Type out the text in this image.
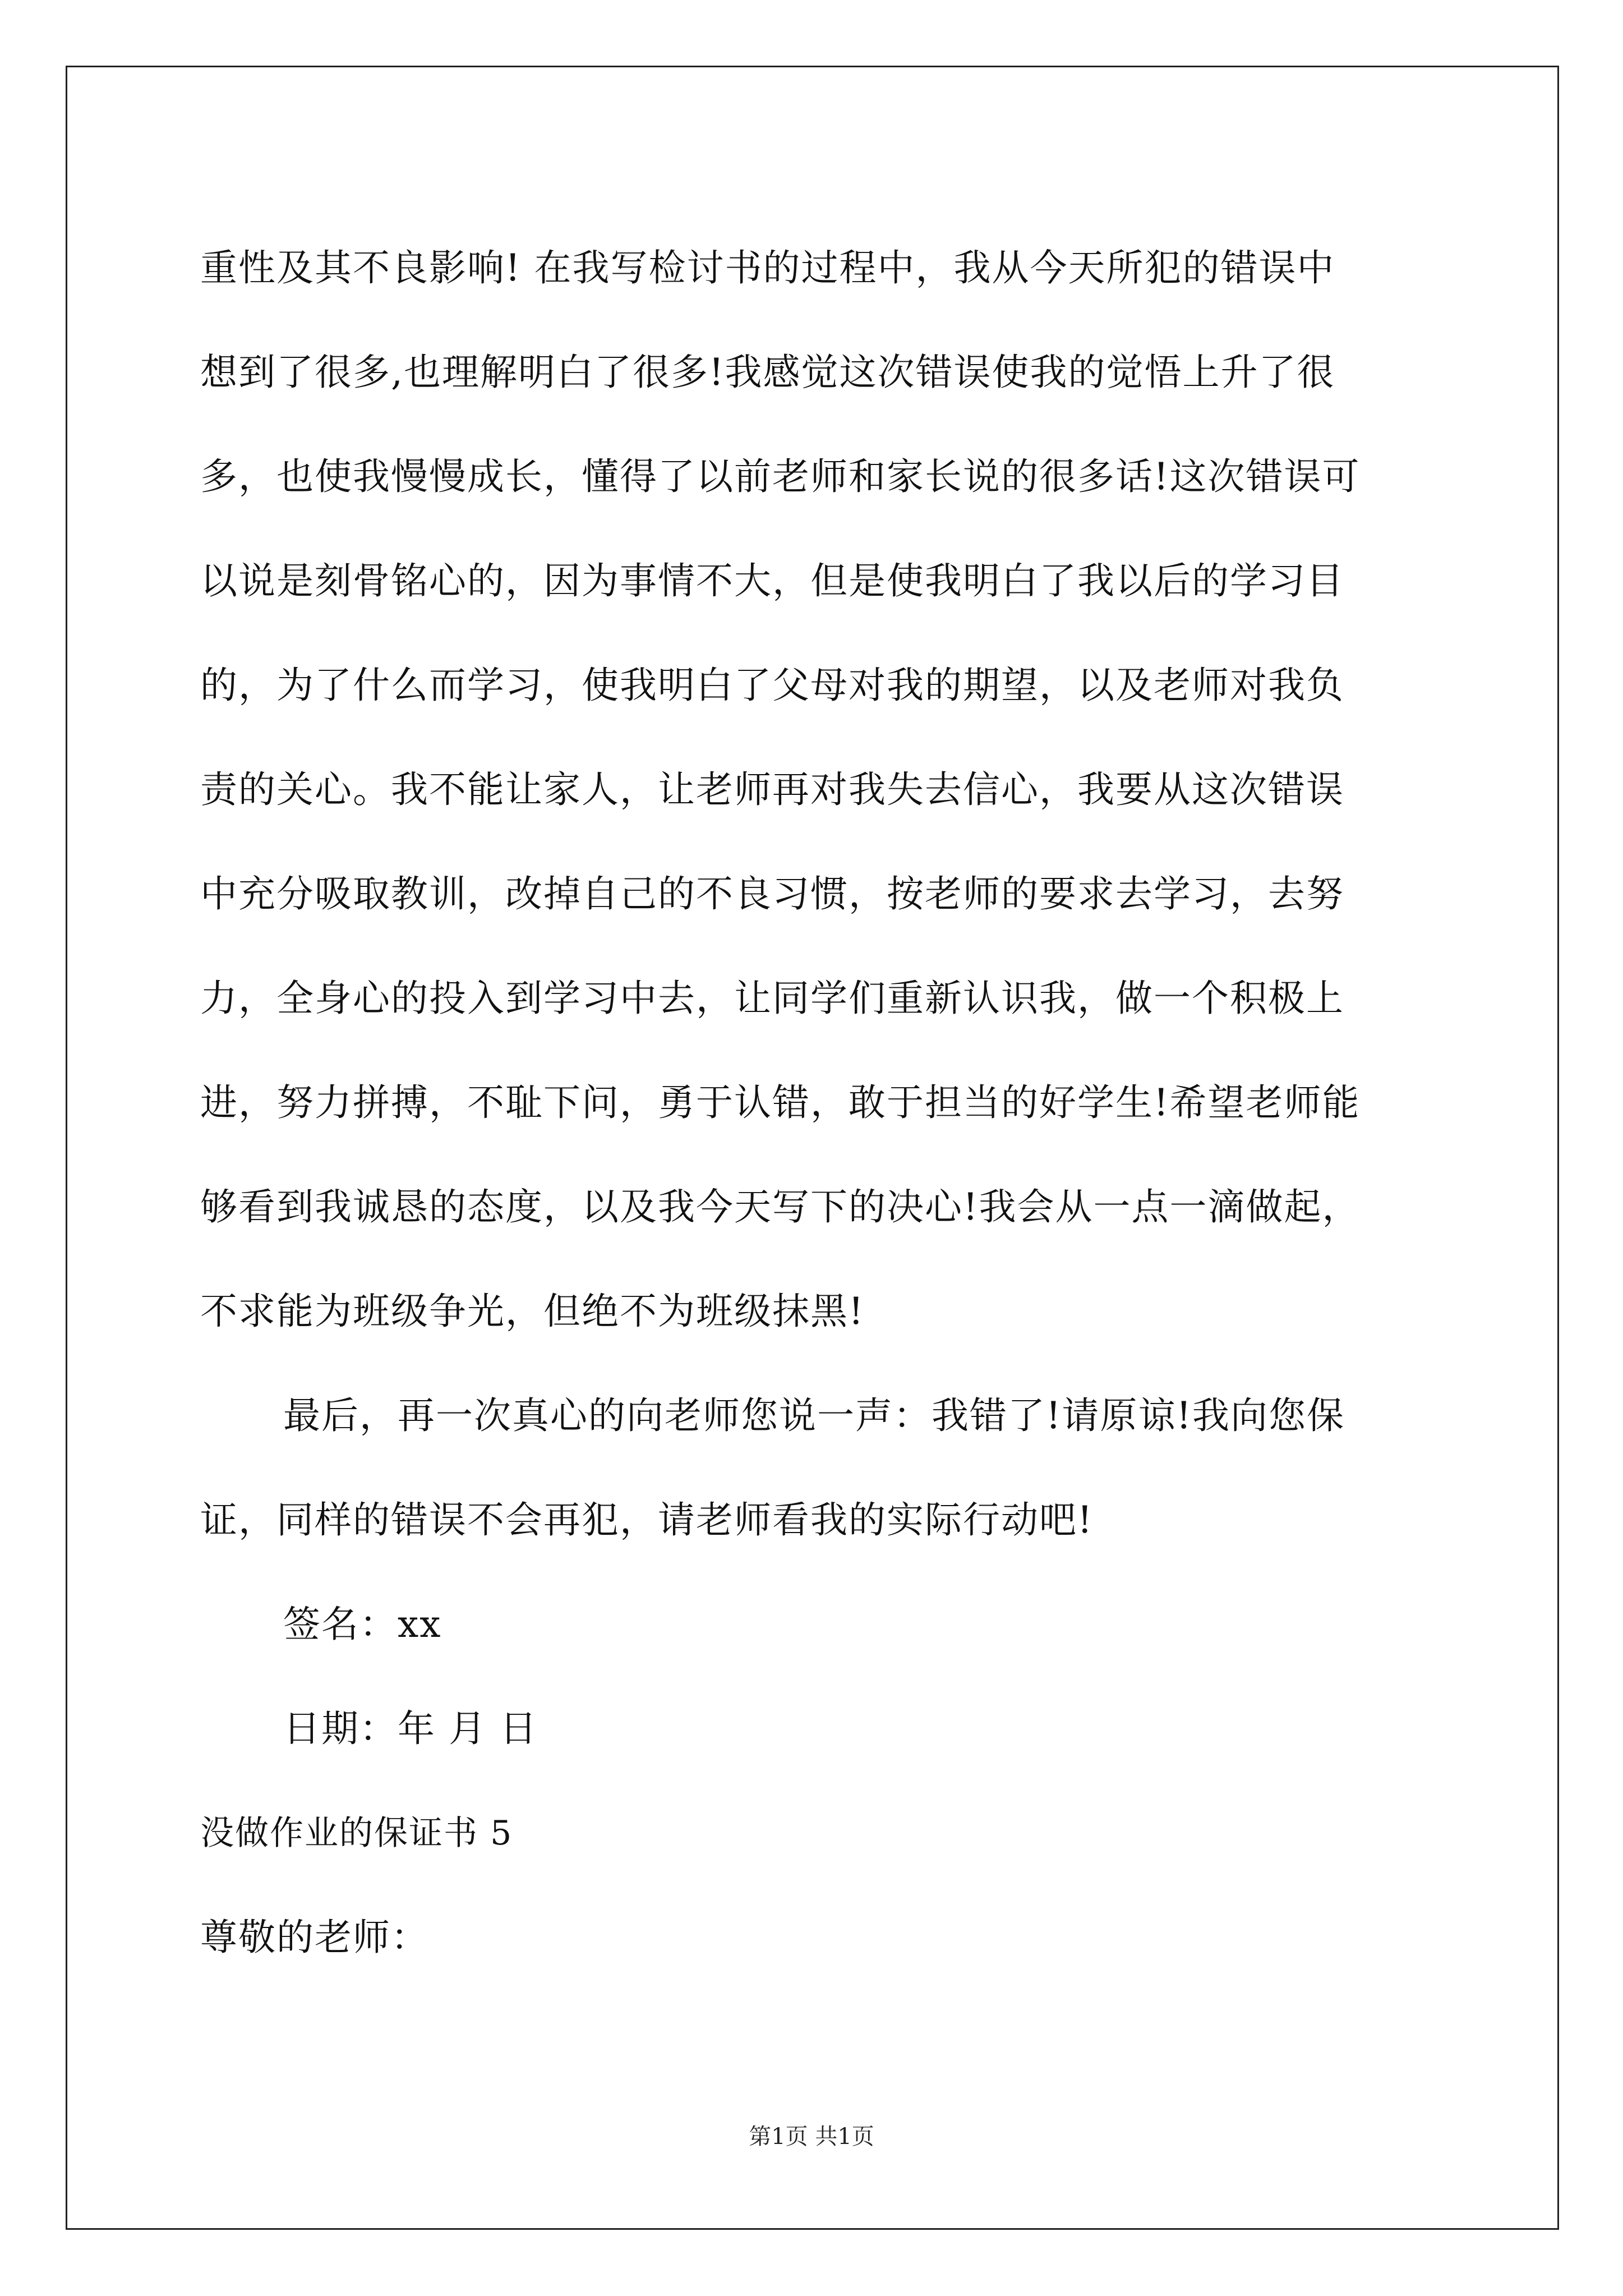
重性及其不良影响! 在我写检讨书的过程中，我从今天所犯的错误中
想到了很多,也理解明白了很多!我感觉这次错误使我的觉悟上升了很
多，也使我慢慢成长，懂得了以前老师和家长说的很多话!这次错误可
以说是刻骨铭心的，因为事情不大，但是使我明白了我以后的学习目
的，为了什么而学习，使我明白了父母对我的期望，以及老师对我负
责的关心。我不能让家人，让老师再对我失去信心，我要从这次错误
中充分吸取教训，改掉自己的不良习惯，按老师的要求去学习，去努
力，全身心的投入到学习中去，让同学们重新认识我，做一个积极上
进，努力拼搏，不耻下问，勇于认错，敢于担当的好学生!希望老师能
够看到我诚恳的态度，以及我今天写下的决心!我会从一点一滴做起，
不求能为班级争光，但绝不为班级抹黑!
最后，再一次真心的向老师您说一声：我错了!请原谅!我向您保
证，同样的错误不会再犯，请老师看我的实际行动吧!
签名：xx
日期：年 月 日
没做作业的保证书 5
尊敬的老师：
第1页 共1页
